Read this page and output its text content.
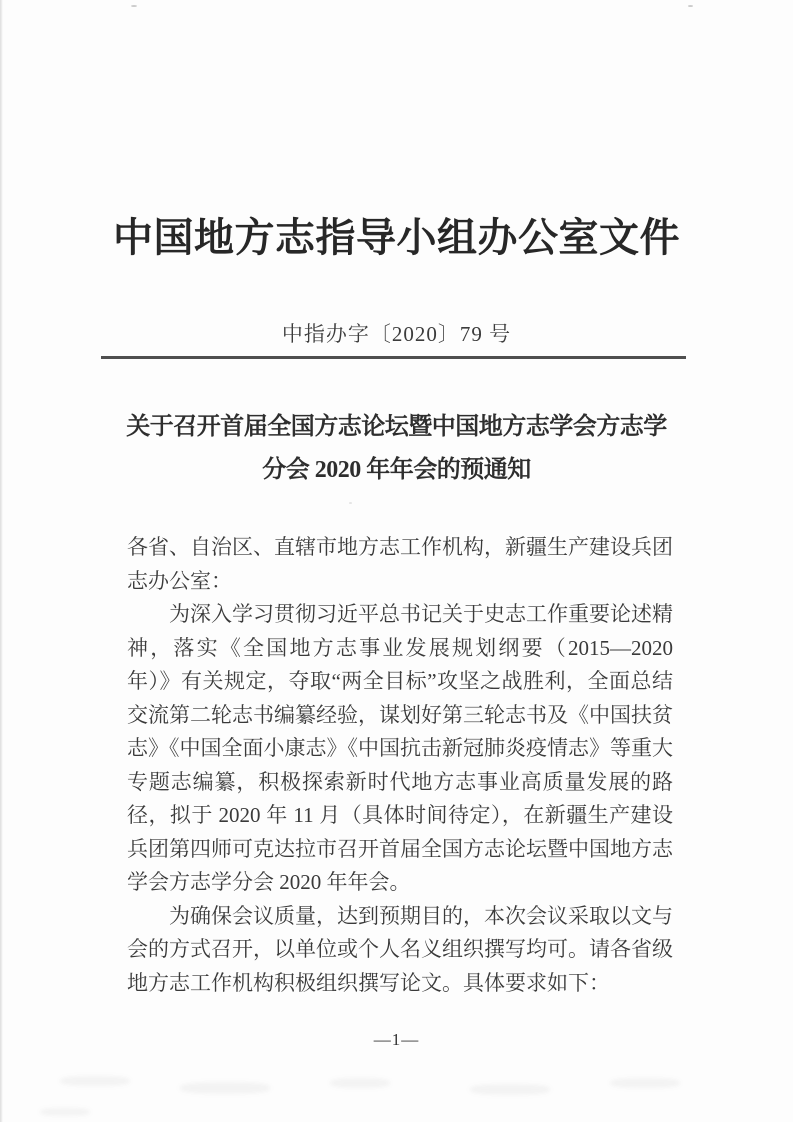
中国地方志指导小组办公室文件
中指办字〔2020〕79 号
关于召开首届全国方志论坛暨中国地方志学会方志学
分会 2020 年年会的预通知

各省、自治区、直辖市地方志工作机构，新疆生产建设兵团志办公室：

为深入学习贯彻习近平总书记关于史志工作重要论述精神，落实《全国地方志事业发展规划纲要（2015—2020 年）》有关规定，夺取“两全目标”攻坚之战胜利，全面总结交流第二轮志书编纂经验，谋划好第三轮志书及《中国扶贫志》《中国全面小康志》《中国抗击新冠肺炎疫情志》等重大专题志编纂，积极探索新时代地方志事业高质量发展的路径，拟于 2020 年 11 月（具体时间待定），在新疆生产建设兵团第四师可克达拉市召开首届全国方志论坛暨中国地方志学会方志学分会 2020 年年会。

为确保会议质量，达到预期目的，本次会议采取以文与会的方式召开，以单位或个人名义组织撰写均可。请各省级地方志工作机构积极组织撰写论文。具体要求如下：

—1—
